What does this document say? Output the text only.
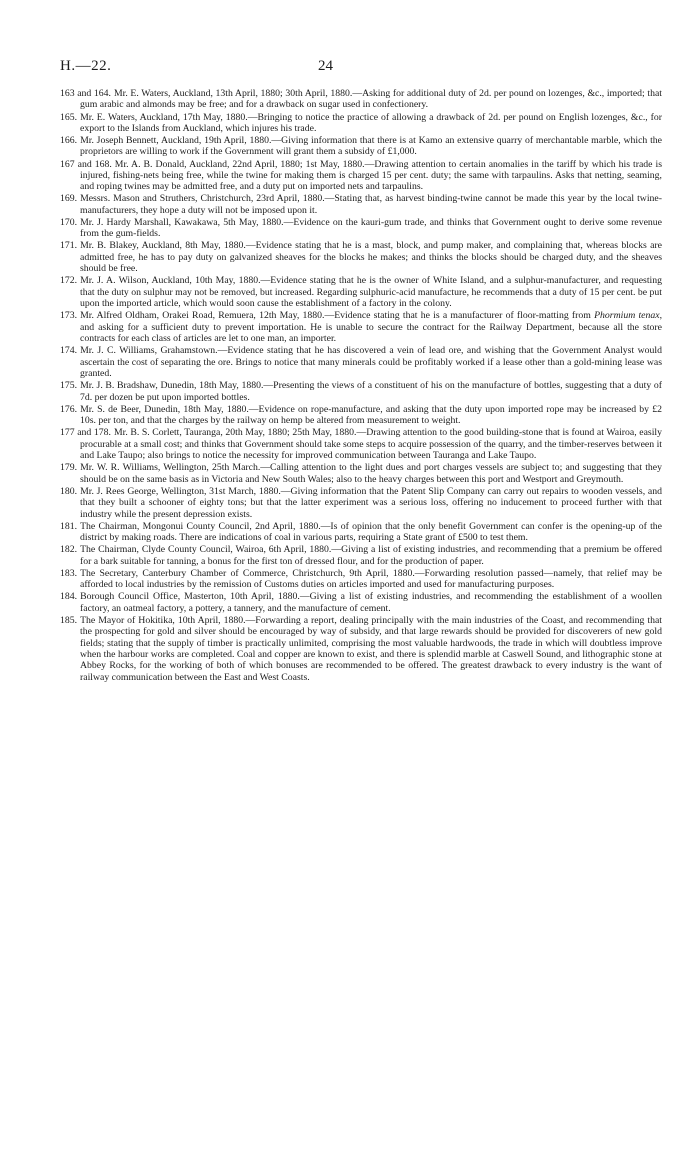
H.—22.	24

163 and 164. Mr. E. Waters, Auckland, 13th April, 1880; 30th April, 1880.—Asking for additional duty of 2d. per pound on lozenges, &c., imported; that gum arabic and almonds may be free; and for a drawback on sugar used in confectionery.

165. Mr. E. Waters, Auckland, 17th May, 1880.—Bringing to notice the practice of allowing a drawback of 2d. per pound on English lozenges, &c., for export to the Islands from Auckland, which injures his trade.

166. Mr. Joseph Bennett, Auckland, 19th April, 1880.—Giving information that there is at Kamo an extensive quarry of merchantable marble, which the proprietors are willing to work if the Government will grant them a subsidy of £1,000.

167 and 168. Mr. A. B. Donald, Auckland, 22nd April, 1880; 1st May, 1880.—Drawing attention to certain anomalies in the tariff by which his trade is injured, fishing-nets being free, while the twine for making them is charged 15 per cent. duty; the same with tarpaulins. Asks that netting, seaming, and roping twines may be admitted free, and a duty put on imported nets and tarpaulins.

169. Messrs. Mason and Struthers, Christchurch, 23rd April, 1880.—Stating that, as harvest binding-twine cannot be made this year by the local twine-manufacturers, they hope a duty will not be imposed upon it.

170. Mr. J. Hardy Marshall, Kawakawa, 5th May, 1880.—Evidence on the kauri-gum trade, and thinks that Government ought to derive some revenue from the gum-fields.

171. Mr. B. Blakey, Auckland, 8th May, 1880.—Evidence stating that he is a mast, block, and pump maker, and complaining that, whereas blocks are admitted free, he has to pay duty on galvanized sheaves for the blocks he makes; and thinks the blocks should be charged duty, and the sheaves should be free.

172. Mr. J. A. Wilson, Auckland, 10th May, 1880.—Evidence stating that he is the owner of White Island, and a sulphur-manufacturer, and requesting that the duty on sulphur may not be removed, but increased. Regarding sulphuric-acid manufacture, he recommends that a duty of 15 per cent. be put upon the imported article, which would soon cause the establishment of a factory in the colony.

173. Mr. Alfred Oldham, Orakei Road, Remuera, 12th May, 1880.—Evidence stating that he is a manufacturer of floor-matting from Phormium tenax, and asking for a sufficient duty to prevent importation. He is unable to secure the contract for the Railway Department, because all the store contracts for each class of articles are let to one man, an importer.

174. Mr. J. C. Williams, Grahamstown.—Evidence stating that he has discovered a vein of lead ore, and wishing that the Government Analyst would ascertain the cost of separating the ore. Brings to notice that many minerals could be profitably worked if a lease other than a gold-mining lease was granted.

175. Mr. J. B. Bradshaw, Dunedin, 18th May, 1880.—Presenting the views of a constituent of his on the manufacture of bottles, suggesting that a duty of 7d. per dozen be put upon imported bottles.

176. Mr. S. de Beer, Dunedin, 18th May, 1880.—Evidence on rope-manufacture, and asking that the duty upon imported rope may be increased by £2 10s. per ton, and that the charges by the railway on hemp be altered from measurement to weight.

177 and 178. Mr. B. S. Corlett, Tauranga, 20th May, 1880; 25th May, 1880.—Drawing attention to the good building-stone that is found at Wairoa, easily procurable at a small cost; and thinks that Government should take some steps to acquire possession of the quarry, and the timber-reserves between it and Lake Taupo; also brings to notice the necessity for improved communication between Tauranga and Lake Taupo.

179. Mr. W. R. Williams, Wellington, 25th March.—Calling attention to the light dues and port charges vessels are subject to; and suggesting that they should be on the same basis as in Victoria and New South Wales; also to the heavy charges between this port and Westport and Greymouth.

180. Mr. J. Rees George, Wellington, 31st March, 1880.—Giving information that the Patent Slip Company can carry out repairs to wooden vessels, and that they built a schooner of eighty tons; but that the latter experiment was a serious loss, offering no inducement to proceed further with that industry while the present depression exists.

181. The Chairman, Mongonui County Council, 2nd April, 1880.—Is of opinion that the only benefit Government can confer is the opening-up of the district by making roads. There are indications of coal in various parts, requiring a State grant of £500 to test them.

182. The Chairman, Clyde County Council, Wairoa, 6th April, 1880.—Giving a list of existing industries, and recommending that a premium be offered for a bark suitable for tanning, a bonus for the first ton of dressed flour, and for the production of paper.

183. The Secretary, Canterbury Chamber of Commerce, Christchurch, 9th April, 1880.—Forwarding resolution passed—namely, that relief may be afforded to local industries by the remission of Customs duties on articles imported and used for manufacturing purposes.

184. Borough Council Office, Masterton, 10th April, 1880.—Giving a list of existing industries, and recommending the establishment of a woollen factory, an oatmeal factory, a pottery, a tannery, and the manufacture of cement.

185. The Mayor of Hokitika, 10th April, 1880.—Forwarding a report, dealing principally with the main industries of the Coast, and recommending that the prospecting for gold and silver should be encouraged by way of subsidy, and that large rewards should be provided for discoverers of new gold fields; stating that the supply of timber is practically unlimited, comprising the most valuable hardwoods, the trade in which will doubtless improve when the harbour works are completed. Coal and copper are known to exist, and there is splendid marble at Caswell Sound, and lithographic stone at Abbey Rocks, for the working of both of which bonuses are recommended to be offered. The greatest drawback to every industry is the want of railway communication between the East and West Coasts.
